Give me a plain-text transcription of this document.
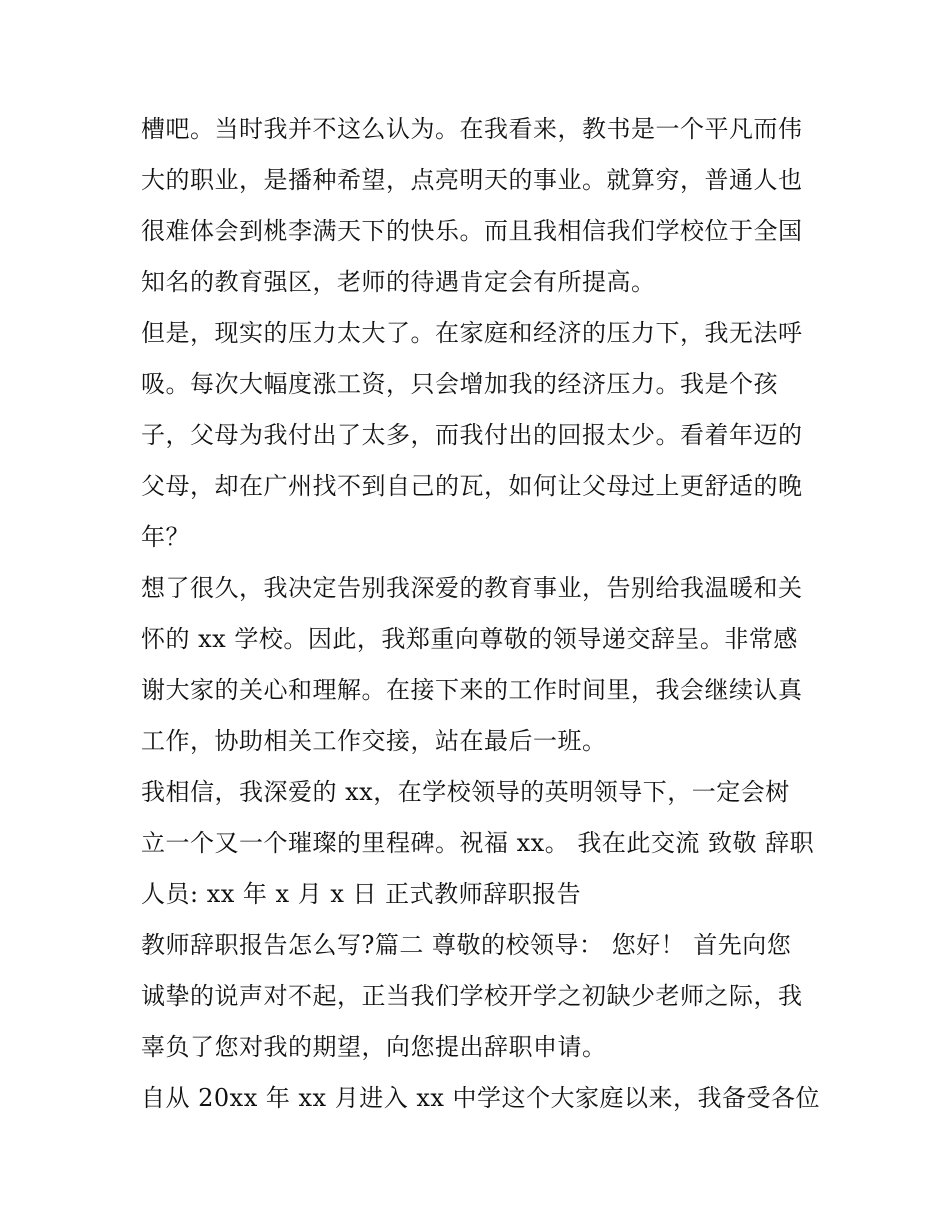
槽吧。当时我并不这么认为。在我看来，教书是一个平凡而伟
大的职业，是播种希望，点亮明天的事业。就算穷，普通人也
很难体会到桃李满天下的快乐。而且我相信我们学校位于全国
知名的教育强区，老师的待遇肯定会有所提高。
但是，现实的压力太大了。在家庭和经济的压力下，我无法呼
吸。每次大幅度涨工资，只会增加我的经济压力。我是个孩
子，父母为我付出了太多，而我付出的回报太少。看着年迈的
父母，却在广州找不到自己的瓦，如何让父母过上更舒适的晚
年？
想了很久，我决定告别我深爱的教育事业，告别给我温暖和关
怀的 xx 学校。因此，我郑重向尊敬的领导递交辞呈。非常感
谢大家的关心和理解。在接下来的工作时间里，我会继续认真
工作，协助相关工作交接，站在最后一班。
我相信，我深爱的 xx，在学校领导的英明领导下，一定会树
立一个又一个璀璨的里程碑。祝福 xx。 我在此交流 致敬 辞职
人员: xx 年 x 月 x 日 正式教师辞职报告
教师辞职报告怎么写?篇二 尊敬的校领导： 您好！ 首先向您
诚挚的说声对不起，正当我们学校开学之初缺少老师之际，我
辜负了您对我的期望，向您提出辞职申请。
自从 20xx 年 xx 月进入 xx 中学这个大家庭以来，我备受各位
